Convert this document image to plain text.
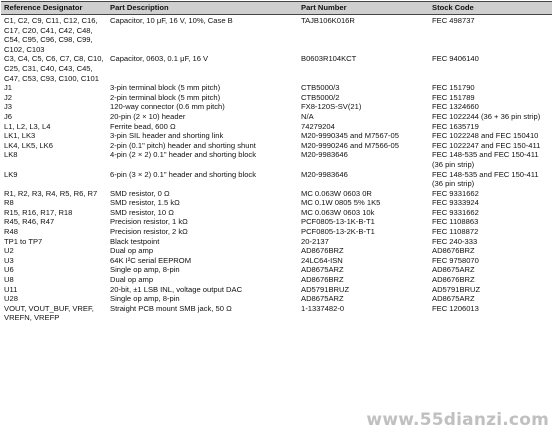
Reference Designator	Part Description	Part Number	Stock Code
C1, C2, C9, C11, C12, C16, C17, C20, C41, C42, C48, C54, C95, C96, C98, C99, C102, C103	Capacitor, 10 μF, 16 V, 10%, Case B	TAJB106K016R	FEC 498737
C3, C4, C5, C6, C7, C8, C10, C25, C31, C40, C43, C45, C47, C53, C93, C100, C101	Capacitor, 0603, 0.1 μF, 16 V	B0603R104KCT	FEC 9406140
J1	3-pin terminal block (5 mm pitch)	CTB5000/3	FEC 151790
J2	2-pin terminal block (5 mm pitch)	CTB5000/2	FEC 151789
J3	120-way connector (0.6 mm pitch)	FX8-120S-SV(21)	FEC 1324660
J6	20-pin (2 × 10) header	N/A	FEC 1022244 (36 + 36 pin strip)
L1, L2, L3, L4	Ferrite bead, 600 Ω	74279204	FEC 1635719
LK1, LK3	3-pin SIL header and shorting link	M20-9990345 and M7567-05	FEC 1022248 and FEC 150410
LK4, LK5, LK6	2-pin (0.1" pitch) header and shorting shunt	M20-9990246 and M7566-05	FEC 1022247 and FEC 150-411
LK8	4-pin (2 × 2) 0.1" header and shorting block	M20-9983646	FEC 148-535 and FEC 150-411 (36 pin strip)
LK9	6-pin (3 × 2) 0.1" header and shorting block	M20-9983646	FEC 148-535 and FEC 150-411 (36 pin strip)
R1, R2, R3, R4, R5, R6, R7	SMD resistor, 0 Ω	MC 0.063W 0603 0R	FEC 9331662
R8	SMD resistor, 1.5 kΩ	MC 0.1W 0805 5% 1K5	FEC 9333924
R15, R16, R17, R18	SMD resistor, 10 Ω	MC 0.063W 0603 10k	FEC 9331662
R45, R46, R47	Precision resistor, 1 kΩ	PCF0805-13-1K-B-T1	FEC 1108863
R48	Precision resistor, 2 kΩ	PCF0805-13-2K-B-T1	FEC 1108872
TP1 to TP7	Black testpoint	20-2137	FEC 240-333
U2	Dual op amp	AD8676BRZ	AD8676BRZ
U3	64K I²C serial EEPROM	24LC64-ISN	FEC 9758070
U6	Single op amp, 8-pin	AD8675ARZ	AD8675ARZ
U8	Dual op amp	AD8676BRZ	AD8676BRZ
U11	20-bit, ±1 LSB INL, voltage output DAC	AD5791BRUZ	AD5791BRUZ
U28	Single op amp, 8-pin	AD8675ARZ	AD8675ARZ
VOUT, VOUT_BUF, VREF, VREFN, VREFP	Straight PCB mount SMB jack, 50 Ω	1-1337482-0	FEC 1206013
www.55dianzi.com
